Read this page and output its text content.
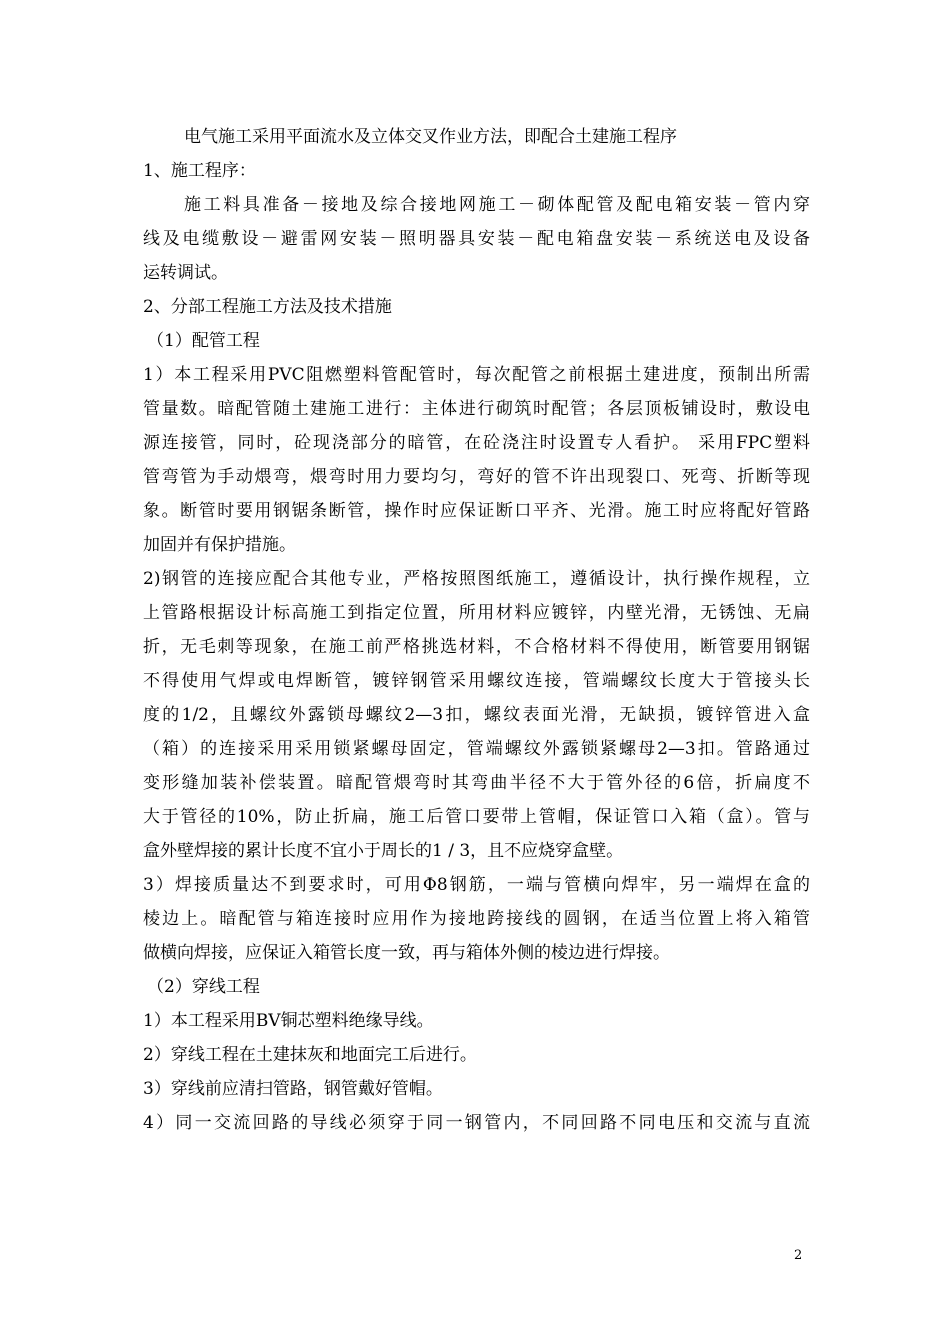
电气施工采用平面流水及立体交叉作业方法，即配合土建施工程序
1、施工程序：
施工料具准备－接地及综合接地网施工－砌体配管及配电箱安装－管内穿
线及电缆敷设－避雷网安装－照明器具安装－配电箱盘安装－系统送电及设备
运转调试。
2、分部工程施工方法及技术措施
（1）配管工程
1）本工程采用PVC阻燃塑料管配管时，每次配管之前根据土建进度，预制出所需
管量数。暗配管随土建施工进行：主体进行砌筑时配管；各层顶板铺设时，敷设电
源连接管，同时，砼现浇部分的暗管，在砼浇注时设置专人看护。 采用FPC塑料
管弯管为手动煨弯，煨弯时用力要均匀，弯好的管不许出现裂口、死弯、折断等现
象。断管时要用钢锯条断管，操作时应保证断口平齐、光滑。施工时应将配好管路
加固并有保护措施。
2)钢管的连接应配合其他专业，严格按照图纸施工，遵循设计，执行操作规程，立
上管路根据设计标高施工到指定位置，所用材料应镀锌，内壁光滑，无锈蚀、无扁
折，无毛刺等现象，在施工前严格挑选材料，不合格材料不得使用，断管要用钢锯
不得使用气焊或电焊断管，镀锌钢管采用螺纹连接，管端螺纹长度大于管接头长
度的1/2，且螺纹外露锁母螺纹2—3扣，螺纹表面光滑，无缺损，镀锌管进入盒
（箱）的连接采用采用锁紧螺母固定，管端螺纹外露锁紧螺母2—3扣。管路通过
变形缝加装补偿装置。暗配管煨弯时其弯曲半径不大于管外径的6倍，折扁度不
大于管径的10%，防止折扁，施工后管口要带上管帽，保证管口入箱（盒）。管与
盒外壁焊接的累计长度不宜小于周长的1 / 3，且不应烧穿盒壁。
3）焊接质量达不到要求时，可用Φ8钢筋，一端与管横向焊牢，另一端焊在盒的
棱边上。暗配管与箱连接时应用作为接地跨接线的圆钢，在适当位置上将入箱管
做横向焊接，应保证入箱管长度一致，再与箱体外侧的棱边进行焊接。
（2）穿线工程
1）本工程采用BV铜芯塑料绝缘导线。
2）穿线工程在土建抹灰和地面完工后进行。
3）穿线前应清扫管路，钢管戴好管帽。
4）同一交流回路的导线必须穿于同一钢管内，不同回路不同电压和交流与直流
2
